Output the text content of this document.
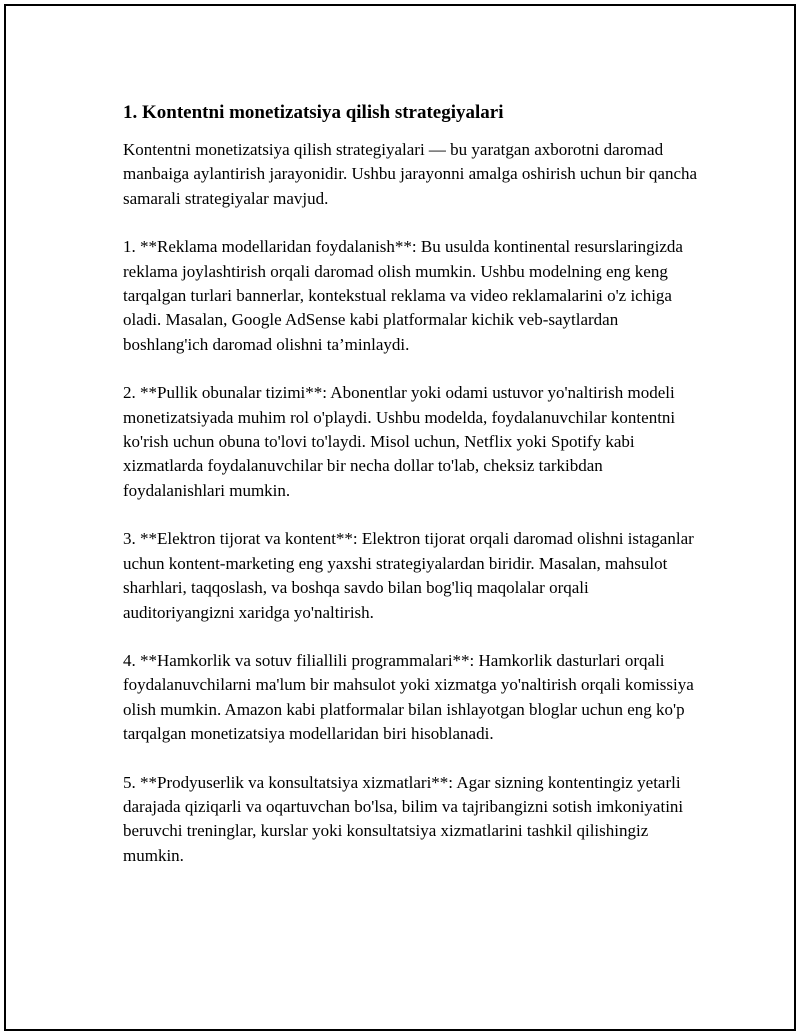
1. Kontentni monetizatsiya qilish strategiyalari

Kontentni monetizatsiya qilish strategiyalari — bu yaratgan axborotni daromad manbaiga aylantirish jarayonidir. Ushbu jarayonni amalga oshirish uchun bir qancha samarali strategiyalar mavjud.

1. **Reklama modellaridan foydalanish**: Bu usulda kontinental resurslaringizda reklama joylashtirish orqali daromad olish mumkin. Ushbu modelning eng keng tarqalgan turlari bannerlar, kontekstual reklama va video reklamalarini o'z ichiga oladi. Masalan, Google AdSense kabi platformalar kichik veb-saytlardan boshlang'ich daromad olishni ta’minlaydi.

2. **Pullik obunalar tizimi**: Abonentlar yoki odami ustuvor yo'naltirish modeli monetizatsiyada muhim rol o'playdi. Ushbu modelda, foydalanuvchilar kontentni ko'rish uchun obuna to'lovi to'laydi. Misol uchun, Netflix yoki Spotify kabi xizmatlarda foydalanuvchilar bir necha dollar to'lab, cheksiz tarkibdan foydalanishlari mumkin.

3. **Elektron tijorat va kontent**: Elektron tijorat orqali daromad olishni istaganlar uchun kontent-marketing eng yaxshi strategiyalardan biridir. Masalan, mahsulot sharhlari, taqqoslash, va boshqa savdo bilan bog'liq maqolalar orqali auditoriyangizni xaridga yo'naltirish.

4. **Hamkorlik va sotuv filiallili programmalari**: Hamkorlik dasturlari orqali foydalanuvchilarni ma'lum bir mahsulot yoki xizmatga yo'naltirish orqali komissiya olish mumkin. Amazon kabi platformalar bilan ishlayotgan bloglar uchun eng ko'p tarqalgan monetizatsiya modellaridan biri hisoblanadi.

5. **Prodyuserlik va konsultatsiya xizmatlari**: Agar sizning kontentingiz yetarli darajada qiziqarli va oqartuvchan bo'lsa, bilim va tajribangizni sotish imkoniyatini beruvchi treninglar, kurslar yoki konsultatsiya xizmatlarini tashkil qilishingiz mumkin.
